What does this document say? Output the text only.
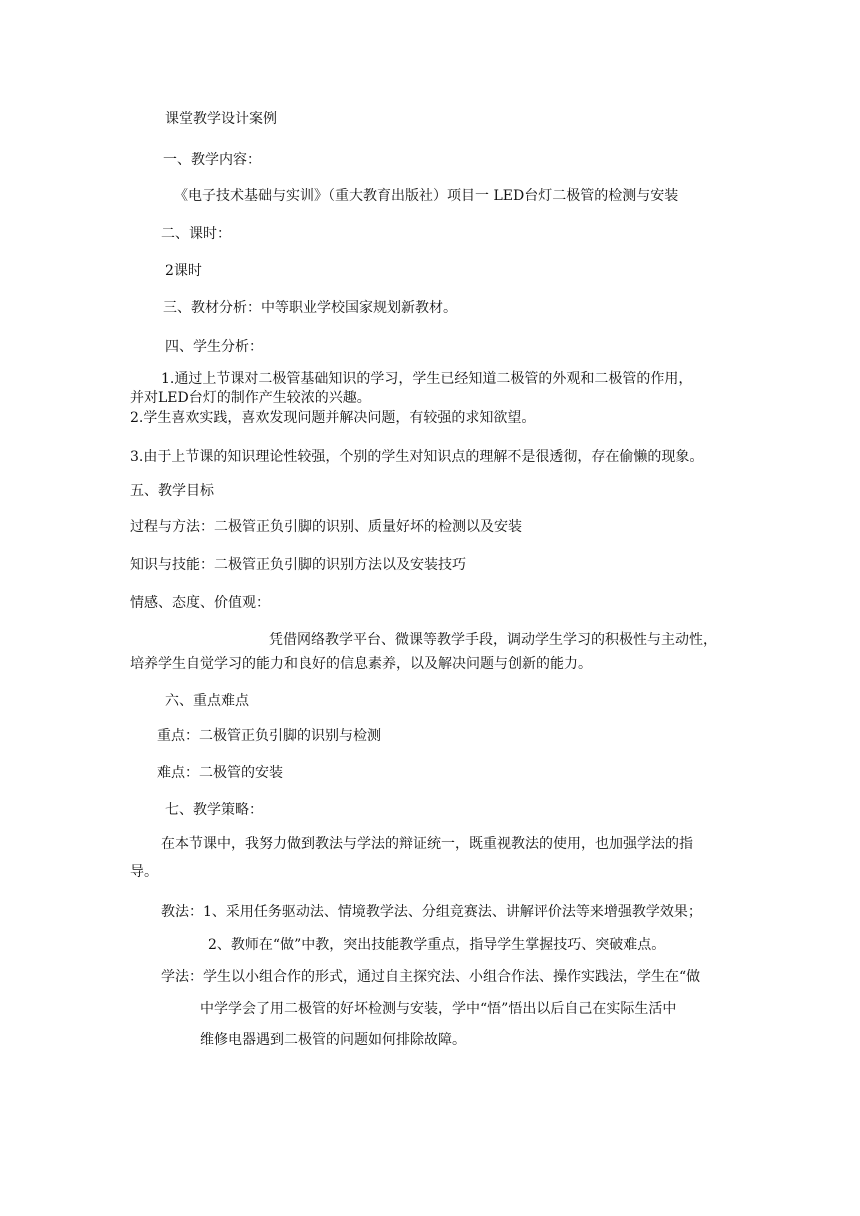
课堂教学设计案例
一、教学内容：
《电子技术基础与实训》（重大教育出版社）项目一 LED台灯二极管的检测与安装
二、课时：
2课时
三、教材分析：中等职业学校国家规划新教材。
四、学生分析：
1.通过上节课对二极管基础知识的学习，学生已经知道二极管的外观和二极管的作用，
并对LED台灯的制作产生较浓的兴趣。
2.学生喜欢实践，喜欢发现问题并解决问题，有较强的求知欲望。
3.由于上节课的知识理论性较强，个别的学生对知识点的理解不是很透彻，存在偷懒的现象。
五、教学目标
过程与方法：二极管正负引脚的识别、质量好坏的检测以及安装
知识与技能：二极管正负引脚的识别方法以及安装技巧
情感、态度、价值观：
凭借网络教学平台、微课等教学手段，调动学生学习的积极性与主动性，
培养学生自觉学习的能力和良好的信息素养，以及解决问题与创新的能力。
六、重点难点
重点：二极管正负引脚的识别与检测
难点：二极管的安装
七、教学策略：
在本节课中，我努力做到教法与学法的辩证统一，既重视教法的使用，也加强学法的指
导。
教法：1、采用任务驱动法、情境教学法、分组竞赛法、讲解评价法等来增强教学效果；
2、教师在“做”中教，突出技能教学重点，指导学生掌握技巧、突破难点。
学法：学生以小组合作的形式，通过自主探究法、小组合作法、操作实践法，学生在“做
中学学会了用二极管的好坏检测与安装，学中“悟”悟出以后自己在实际生活中
维修电器遇到二极管的问题如何排除故障。
